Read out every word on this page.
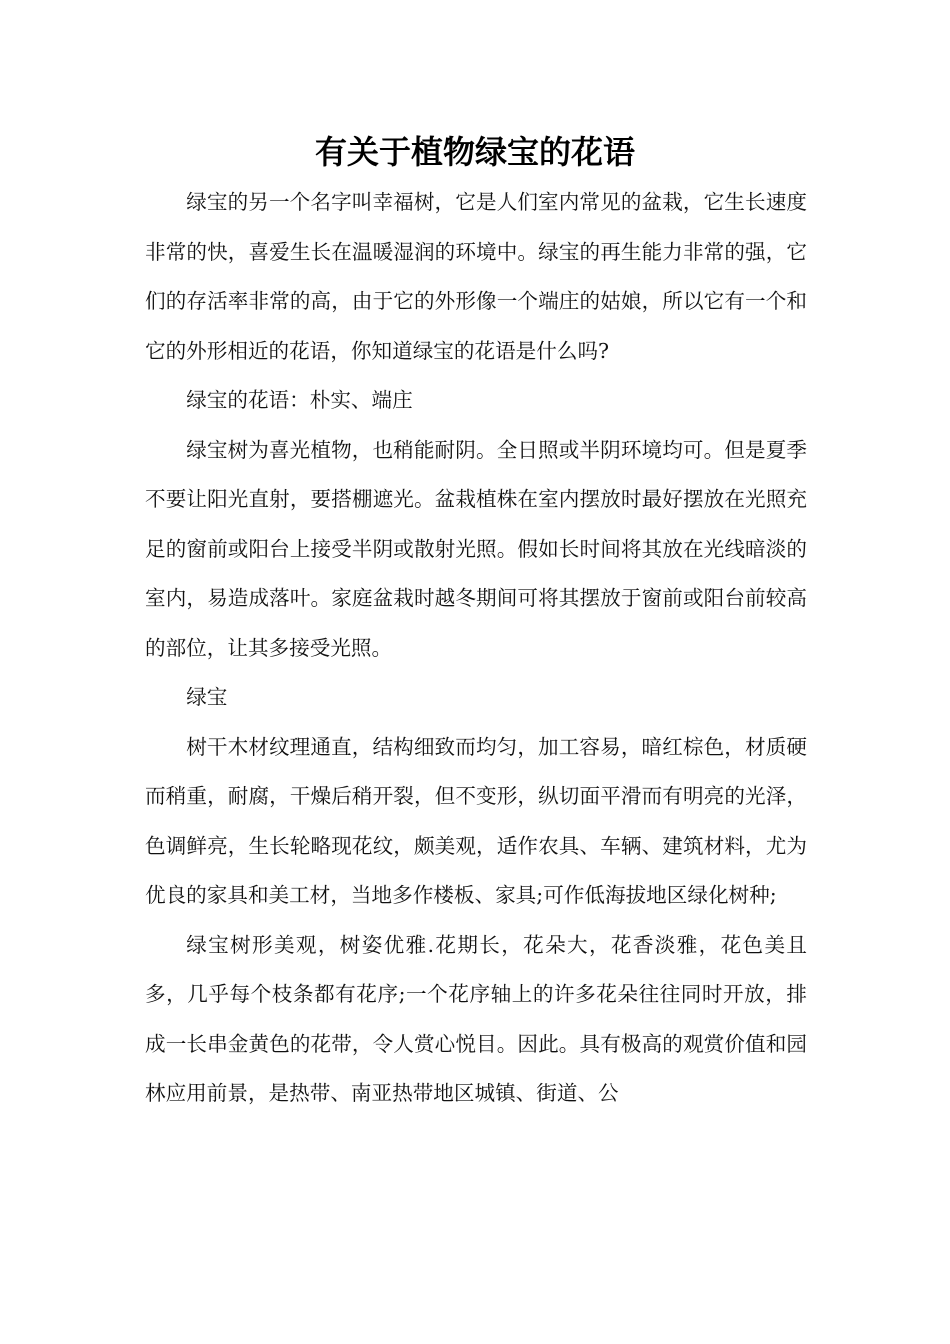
有关于植物绿宝的花语

绿宝的另一个名字叫幸福树，它是人们室内常见的盆栽，它生长速度非常的快，喜爱生长在温暖湿润的环境中。绿宝的再生能力非常的强，它们的存活率非常的高，由于它的外形像一个端庄的姑娘，所以它有一个和它的外形相近的花语，你知道绿宝的花语是什么吗?

绿宝的花语：朴实、端庄

绿宝树为喜光植物，也稍能耐阴。全日照或半阴环境均可。但是夏季不要让阳光直射，要搭棚遮光。盆栽植株在室内摆放时最好摆放在光照充足的窗前或阳台上接受半阴或散射光照。假如长时间将其放在光线暗淡的室内，易造成落叶。家庭盆栽时越冬期间可将其摆放于窗前或阳台前较高的部位，让其多接受光照。

绿宝

树干木材纹理通直，结构细致而均匀，加工容易，暗红棕色，材质硬而稍重，耐腐，干燥后稍开裂，但不变形，纵切面平滑而有明亮的光泽，色调鲜亮，生长轮略现花纹，颇美观，适作农具、车辆、建筑材料，尤为优良的家具和美工材，当地多作楼板、家具;可作低海拔地区绿化树种;

绿宝树形美观，树姿优雅.花期长，花朵大，花香淡雅，花色美且多，几乎每个枝条都有花序;一个花序轴上的许多花朵往往同时开放，排成一长串金黄色的花带，令人赏心悦目。因此。具有极高的观赏价值和园林应用前景，是热带、南亚热带地区城镇、街道、公
